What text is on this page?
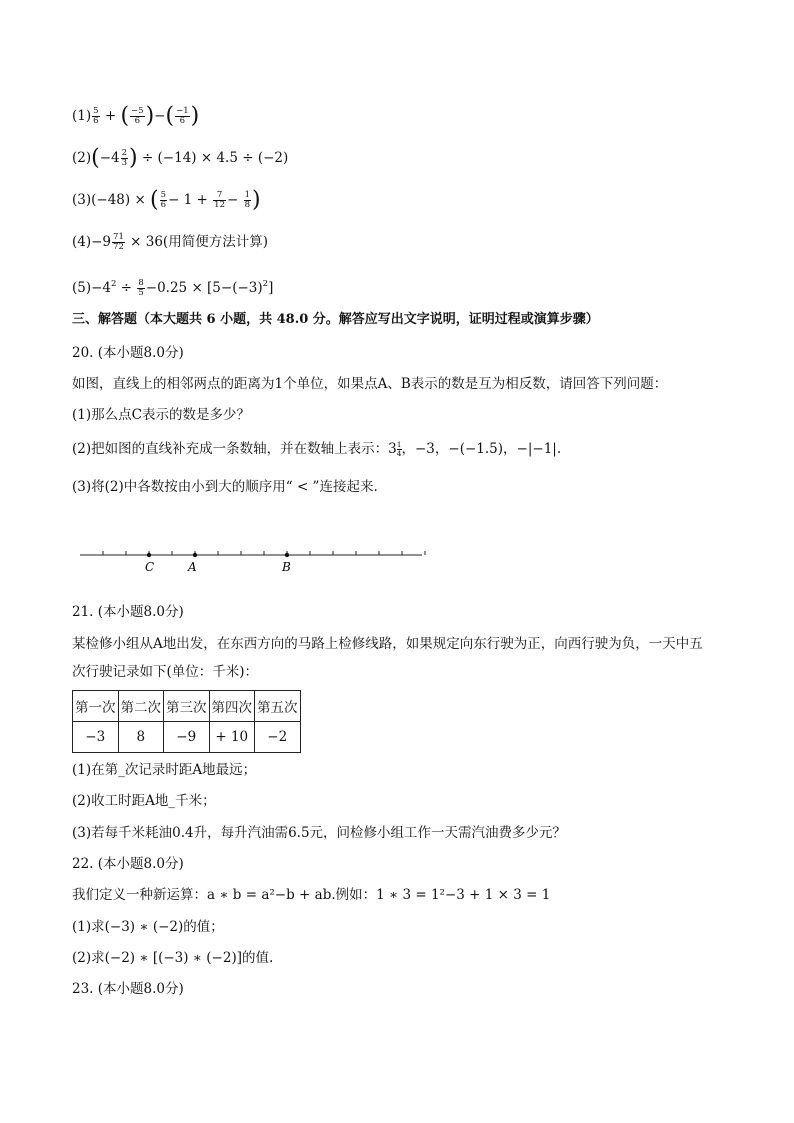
$(1) \frac{5}{6}$ + ( $\frac{-5}{6}$ )−( $\frac{-1}{6}$ )
$(2)(-4 \frac{2}{3}$ ) ÷ (−14) × 4.5 ÷ (−2)
(3)(−48) × ( $\frac{5}{6} - 1 + \frac{7}{12} - \frac{1}{8}$ )
$(4)-9 \frac{71}{72} \times 36$(用简便方法计算)
$(5)-4^2 \div \frac{8}{5} -0.25 \times [5-(-3)^2]$
三、解答题（本大题共 6 小题，共 48.0 分。解答应写出文字说明，证明过程或演算步骤）
20. (本小题8.0分)
如图，直线上的相邻两点的距离为1个单位，如果点A、B表示的数是互为相反数，请回答下列问题：
(1)那么点C表示的数是多少？
(2)把如图的直线补充成一条数轴，并在数轴上表示：$3 \frac{1}{4}$ ，−3，−(−1.5)，−|−1|.
(3)将(2)中各数按由小到大的顺序用“ < ”连接起来.
C	A	B
21. (本小题8.0分)
某检修小组从A地出发，在东西方向的马路上检修线路，如果规定向东行驶为正，向西行驶为负，一天中五
次行驶记录如下(单位：千米)：
第一次	第二次	第三次	第四次	第五次
−3	8	−9	+ 10	−2
(1)在第_次记录时距A地最远；
(2)收工时距A地_千米；
(3)若每千米耗油0.4升，每升汽油需6.5元，问检修小组工作一天需汽油费多少元？
22. (本小题8.0分)
我们定义一种新运算：a ∗ b = a²−b + ab.例如：1 ∗ 3 = 1²−3 + 1 × 3 = 1
(1)求(−3) ∗ (−2)的值；
(2)求(−2) ∗ [(−3) ∗ (−2)]的值.
23. (本小题8.0分)
